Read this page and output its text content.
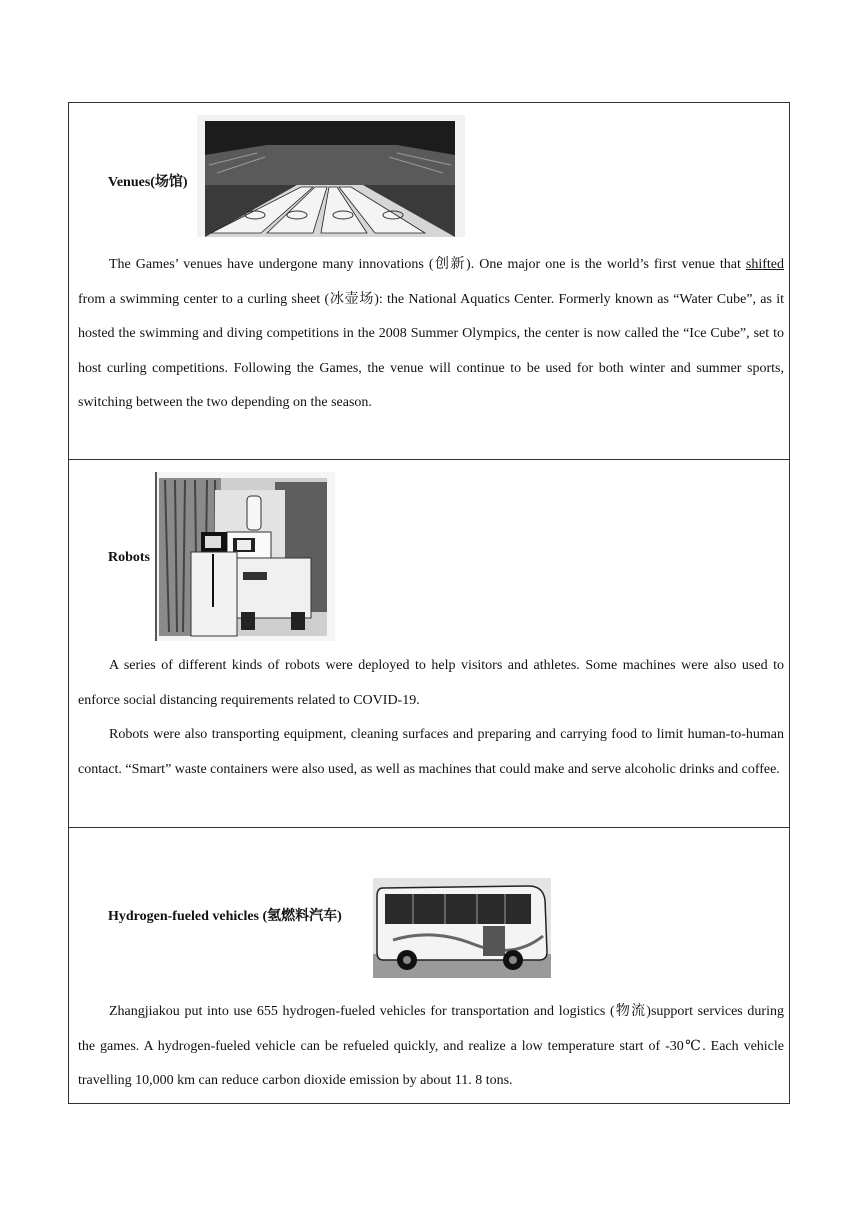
Venues(场馆)

The Games’ venues have undergone many innovations (创新). One major one is the world’s first venue that shifted from a swimming center to a curling sheet (冰壶场): the National Aquatics Center. Formerly known as “Water Cube”, as it hosted the swimming and diving competitions in the 2008 Summer Olympics, the center is now called the “Ice Cube”, set to host curling competitions. Following the Games, the venue will continue to be used for both winter and summer sports, switching between the two depending on the season.

Robots

A series of different kinds of robots were deployed to help visitors and athletes. Some machines were also used to enforce social distancing requirements related to COVID-19.

Robots were also transporting equipment, cleaning surfaces and preparing and carrying food to limit human-to-human contact. “Smart” waste containers were also used, as well as machines that could make and serve alcoholic drinks and coffee.

Hydrogen-fueled vehicles (氢燃料汽车)

Zhangjiakou put into use 655 hydrogen-fueled vehicles for transportation and logistics (物流)support services during the games. A hydrogen-fueled vehicle can be refueled quickly, and realize a low temperature start of -30℃. Each vehicle travelling 10,000 km can reduce carbon dioxide emission by about 11. 8 tons.
